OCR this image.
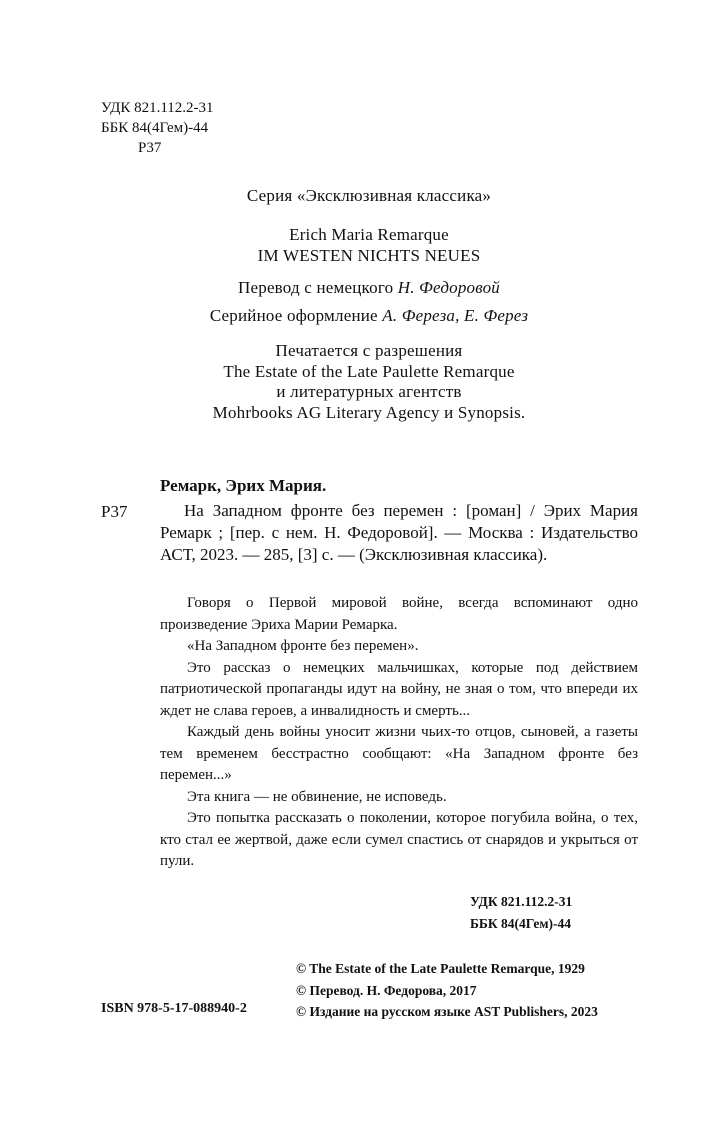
УДК 821.112.2-31
ББК 84(4Гем)-44
Р37
Серия «Эксклюзивная классика»
Erich Maria Remarque
IM WESTEN NICHTS NEUES
Перевод с немецкого Н. Федоровой
Серийное оформление А. Фереза, Е. Ферез
Печатается с разрешения
The Estate of the Late Paulette Remarque
и литературных агентств
Mohrbooks AG Literary Agency и Synopsis.
Ремарк, Эрих Мария.
Р37	На Западном фронте без перемен : [роман] / Эрих Мария Ремарк ; [пер. с нем. Н. Федоровой]. — Москва : Издательство АСТ, 2023. — 285, [3] с. — (Эксклюзивная классика).

Говоря о Первой мировой войне, всегда вспоминают одно произведение Эриха Марии Ремарка.

«На Западном фронте без перемен».

Это рассказ о немецких мальчишках, которые под действием патриотической пропаганды идут на войну, не зная о том, что впереди их ждет не слава героев, а инвалидность и смерть...

Каждый день войны уносит жизни чьих-то отцов, сыновей, а газеты тем временем бесстрастно сообщают: «На Западном фронте без перемен...»

Эта книга — не обвинение, не исповедь.

Это попытка рассказать о поколении, которое погубила война, о тех, кто стал ее жертвой, даже если сумел спастись от снарядов и укрыться от пули.

УДК 821.112.2-31
ББК 84(4Гем)-44
© The Estate of the Late Paulette Remarque, 1929
© Перевод. Н. Федорова, 2017
© Издание на русском языке AST Publishers, 2023
ISBN 978-5-17-088940-2
